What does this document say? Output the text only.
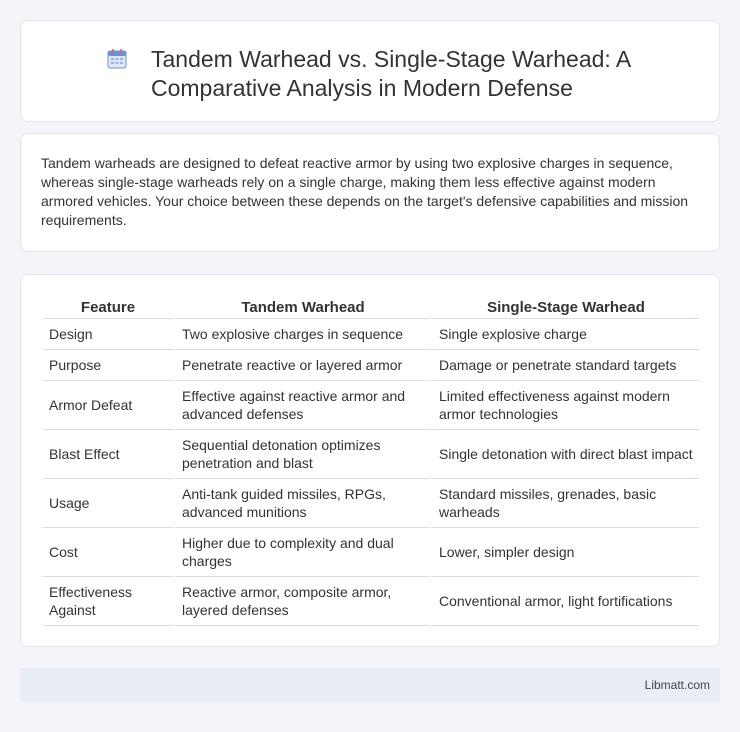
Tandem Warhead vs. Single-Stage Warhead: A Comparative Analysis in Modern Defense

Tandem warheads are designed to defeat reactive armor by using two explosive charges in sequence, whereas single-stage warheads rely on a single charge, making them less effective against modern armored vehicles. Your choice between these depends on the target's defensive capabilities and mission requirements.

Feature	Tandem Warhead	Single-Stage Warhead
Design	Two explosive charges in sequence	Single explosive charge
Purpose	Penetrate reactive or layered armor	Damage or penetrate standard targets
Armor Defeat	Effective against reactive armor and advanced defenses	Limited effectiveness against modern armor technologies
Blast Effect	Sequential detonation optimizes penetration and blast	Single detonation with direct blast impact
Usage	Anti-tank guided missiles, RPGs, advanced munitions	Standard missiles, grenades, basic warheads
Cost	Higher due to complexity and dual charges	Lower, simpler design
Effectiveness Against	Reactive armor, composite armor, layered defenses	Conventional armor, light fortifications
Libmatt.com
